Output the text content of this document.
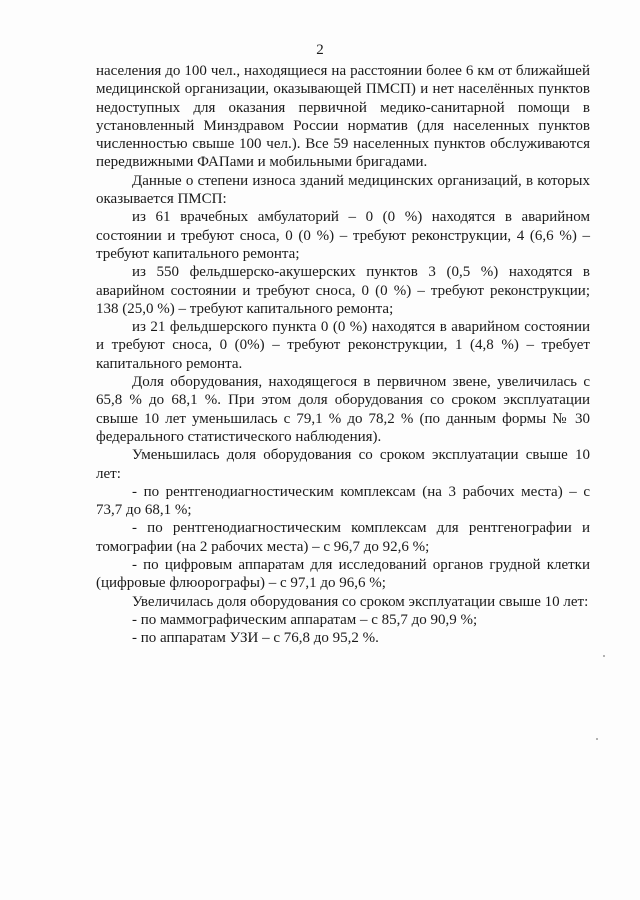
2

населения до 100 чел., находящиеся на расстоянии более 6 км от ближайшей медицинской организации, оказывающей ПМСП) и нет населённых пунктов недоступных для оказания первичной медико-санитарной помощи в установленный Минздравом России норматив (для населенных пунктов численностью свыше 100 чел.). Все 59 населенных пунктов обслуживаются передвижными ФАПами и мобильными бригадами.

Данные о степени износа зданий медицинских организаций, в которых оказывается ПМСП:

из 61 врачебных амбулаторий – 0 (0 %) находятся в аварийном состоянии и требуют сноса, 0 (0 %) – требуют реконструкции, 4 (6,6 %) – требуют капитального ремонта;

из 550 фельдшерско-акушерских пунктов 3 (0,5 %) находятся в аварийном состоянии и требуют сноса, 0 (0 %) – требуют реконструкции; 138 (25,0 %) – требуют капитального ремонта;

из 21 фельдшерского пункта 0 (0 %) находятся в аварийном состоянии и требуют сноса, 0 (0%) – требуют реконструкции, 1 (4,8 %) – требует капитального ремонта.

Доля оборудования, находящегося в первичном звене, увеличилась с 65,8 % до 68,1 %. При этом доля оборудования со сроком эксплуатации свыше 10 лет уменьшилась с 79,1 % до 78,2 % (по данным формы № 30 федерального статистического наблюдения).

Уменьшилась доля оборудования со сроком эксплуатации свыше 10 лет:

- по рентгенодиагностическим комплексам (на 3 рабочих места) – с 73,7 до 68,1 %;

- по рентгенодиагностическим комплексам для рентгенографии и томографии (на 2 рабочих места) – с 96,7 до 92,6 %;

- по цифровым аппаратам для исследований органов грудной клетки (цифровые флюорографы) – с 97,1 до 96,6 %;

Увеличилась доля оборудования со сроком эксплуатации свыше 10 лет:

- по маммографическим аппаратам – с 85,7 до 90,9 %;

- по аппаратам УЗИ – с 76,8 до 95,2 %.
